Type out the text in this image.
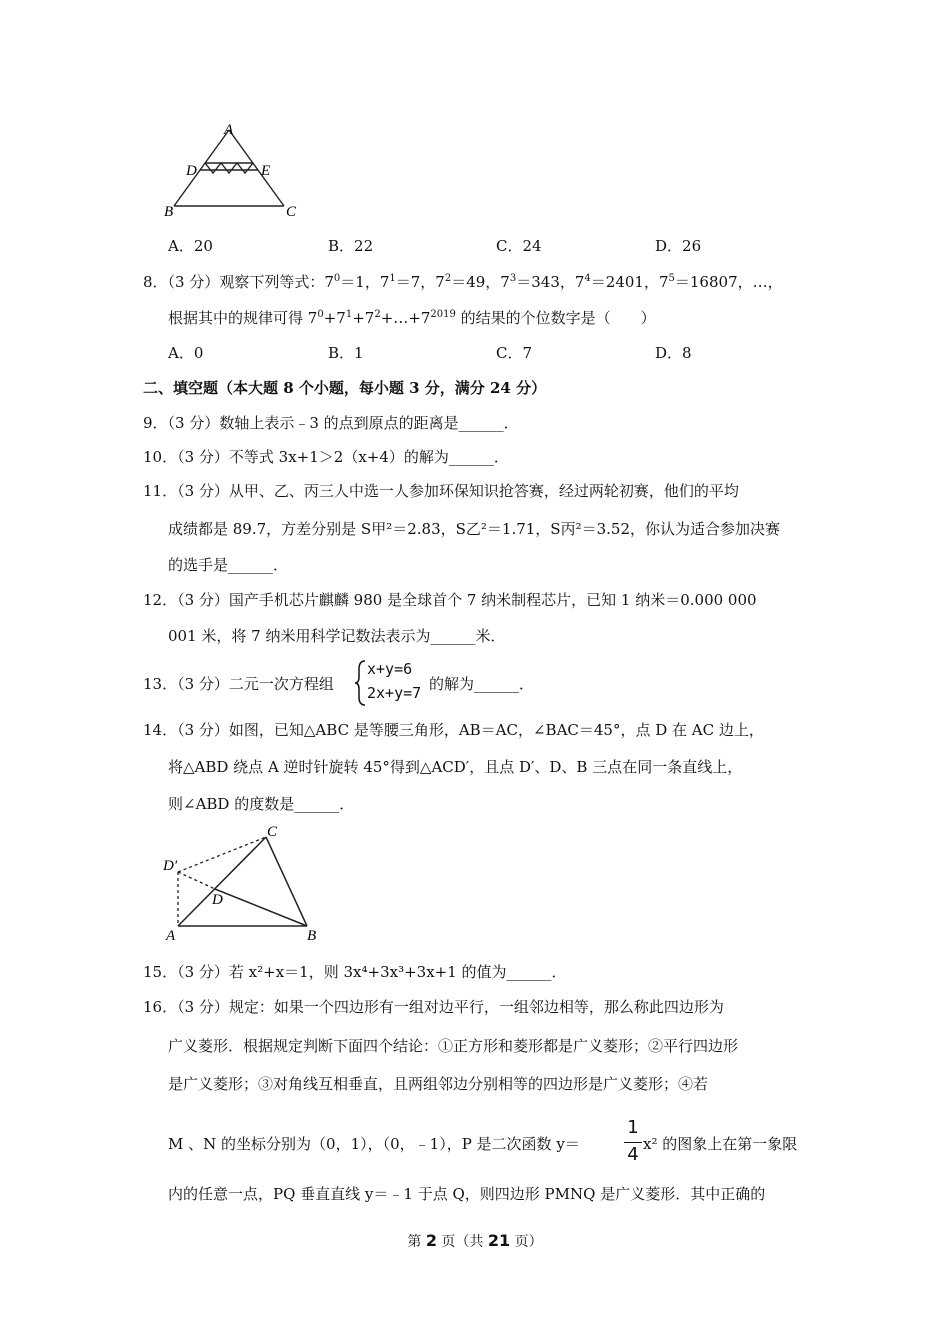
A
D	E
B	C
A．20	B．22	C．24	D．26
8．（3 分）观察下列等式：$7^0=1$，$7^1=7$，$7^2=49$，$7^3=343$，$7^4=2401$，$7^5=16807$，…，
根据其中的规律可得 $7^0+7^1+7^2+\dots+7^{2019}$ 的结果的个位数字是（　　）
A．0	B．1	C．7	D．8
二、填空题（本大题 8 个小题，每小题 3 分，满分 24 分）
9．（3 分）数轴上表示﹣3 的点到原点的距离是______．
10．（3 分）不等式 3x+1＞2（x+4）的解为______．
11．（3 分）从甲、乙、丙三人中选一人参加环保知识抢答赛，经过两轮初赛，他们的平均
成绩都是 89.7，方差分别是 S甲²＝2.83，S乙²＝1.71，S丙²＝3.52，你认为适合参加决赛
的选手是______．
12．（3 分）国产手机芯片麒麟 980 是全球首个 7 纳米制程芯片，已知 1 纳米＝0.000 000
001 米，将 7 纳米用科学记数法表示为______米．
13．（3 分）二元一次方程组
x+y=6
2x+y=7 的解为______．
14．（3 分）如图，已知△ABC 是等腰三角形，AB＝AC，∠BAC＝45°，点 D 在 AC 边上，
将△ABD 绕点 A 逆时针旋转 45°得到△ACD′，且点 D′、D、B 三点在同一条直线上，
则∠ABD 的度数是______．
D′
C
D
A	B
15．（3 分）若 x²+x＝1，则 3x⁴+3x³+3x+1 的值为______．
16．（3 分）规定：如果一个四边形有一组对边平行，一组邻边相等，那么称此四边形为
广义菱形．根据规定判断下面四个结论：①正方形和菱形都是广义菱形；②平行四边形
是广义菱形；③对角线互相垂直，且两组邻边分别相等的四边形是广义菱形；④若
M 、N 的坐标分别为（0，1），（0，﹣1），P 是二次函数 y＝
1
4 x² 的图象上在第一象限
内的任意一点，PQ 垂直直线 y＝﹣1 于点 Q，则四边形 PMNQ 是广义菱形．其中正确的
第 2 页（共 21 页）
